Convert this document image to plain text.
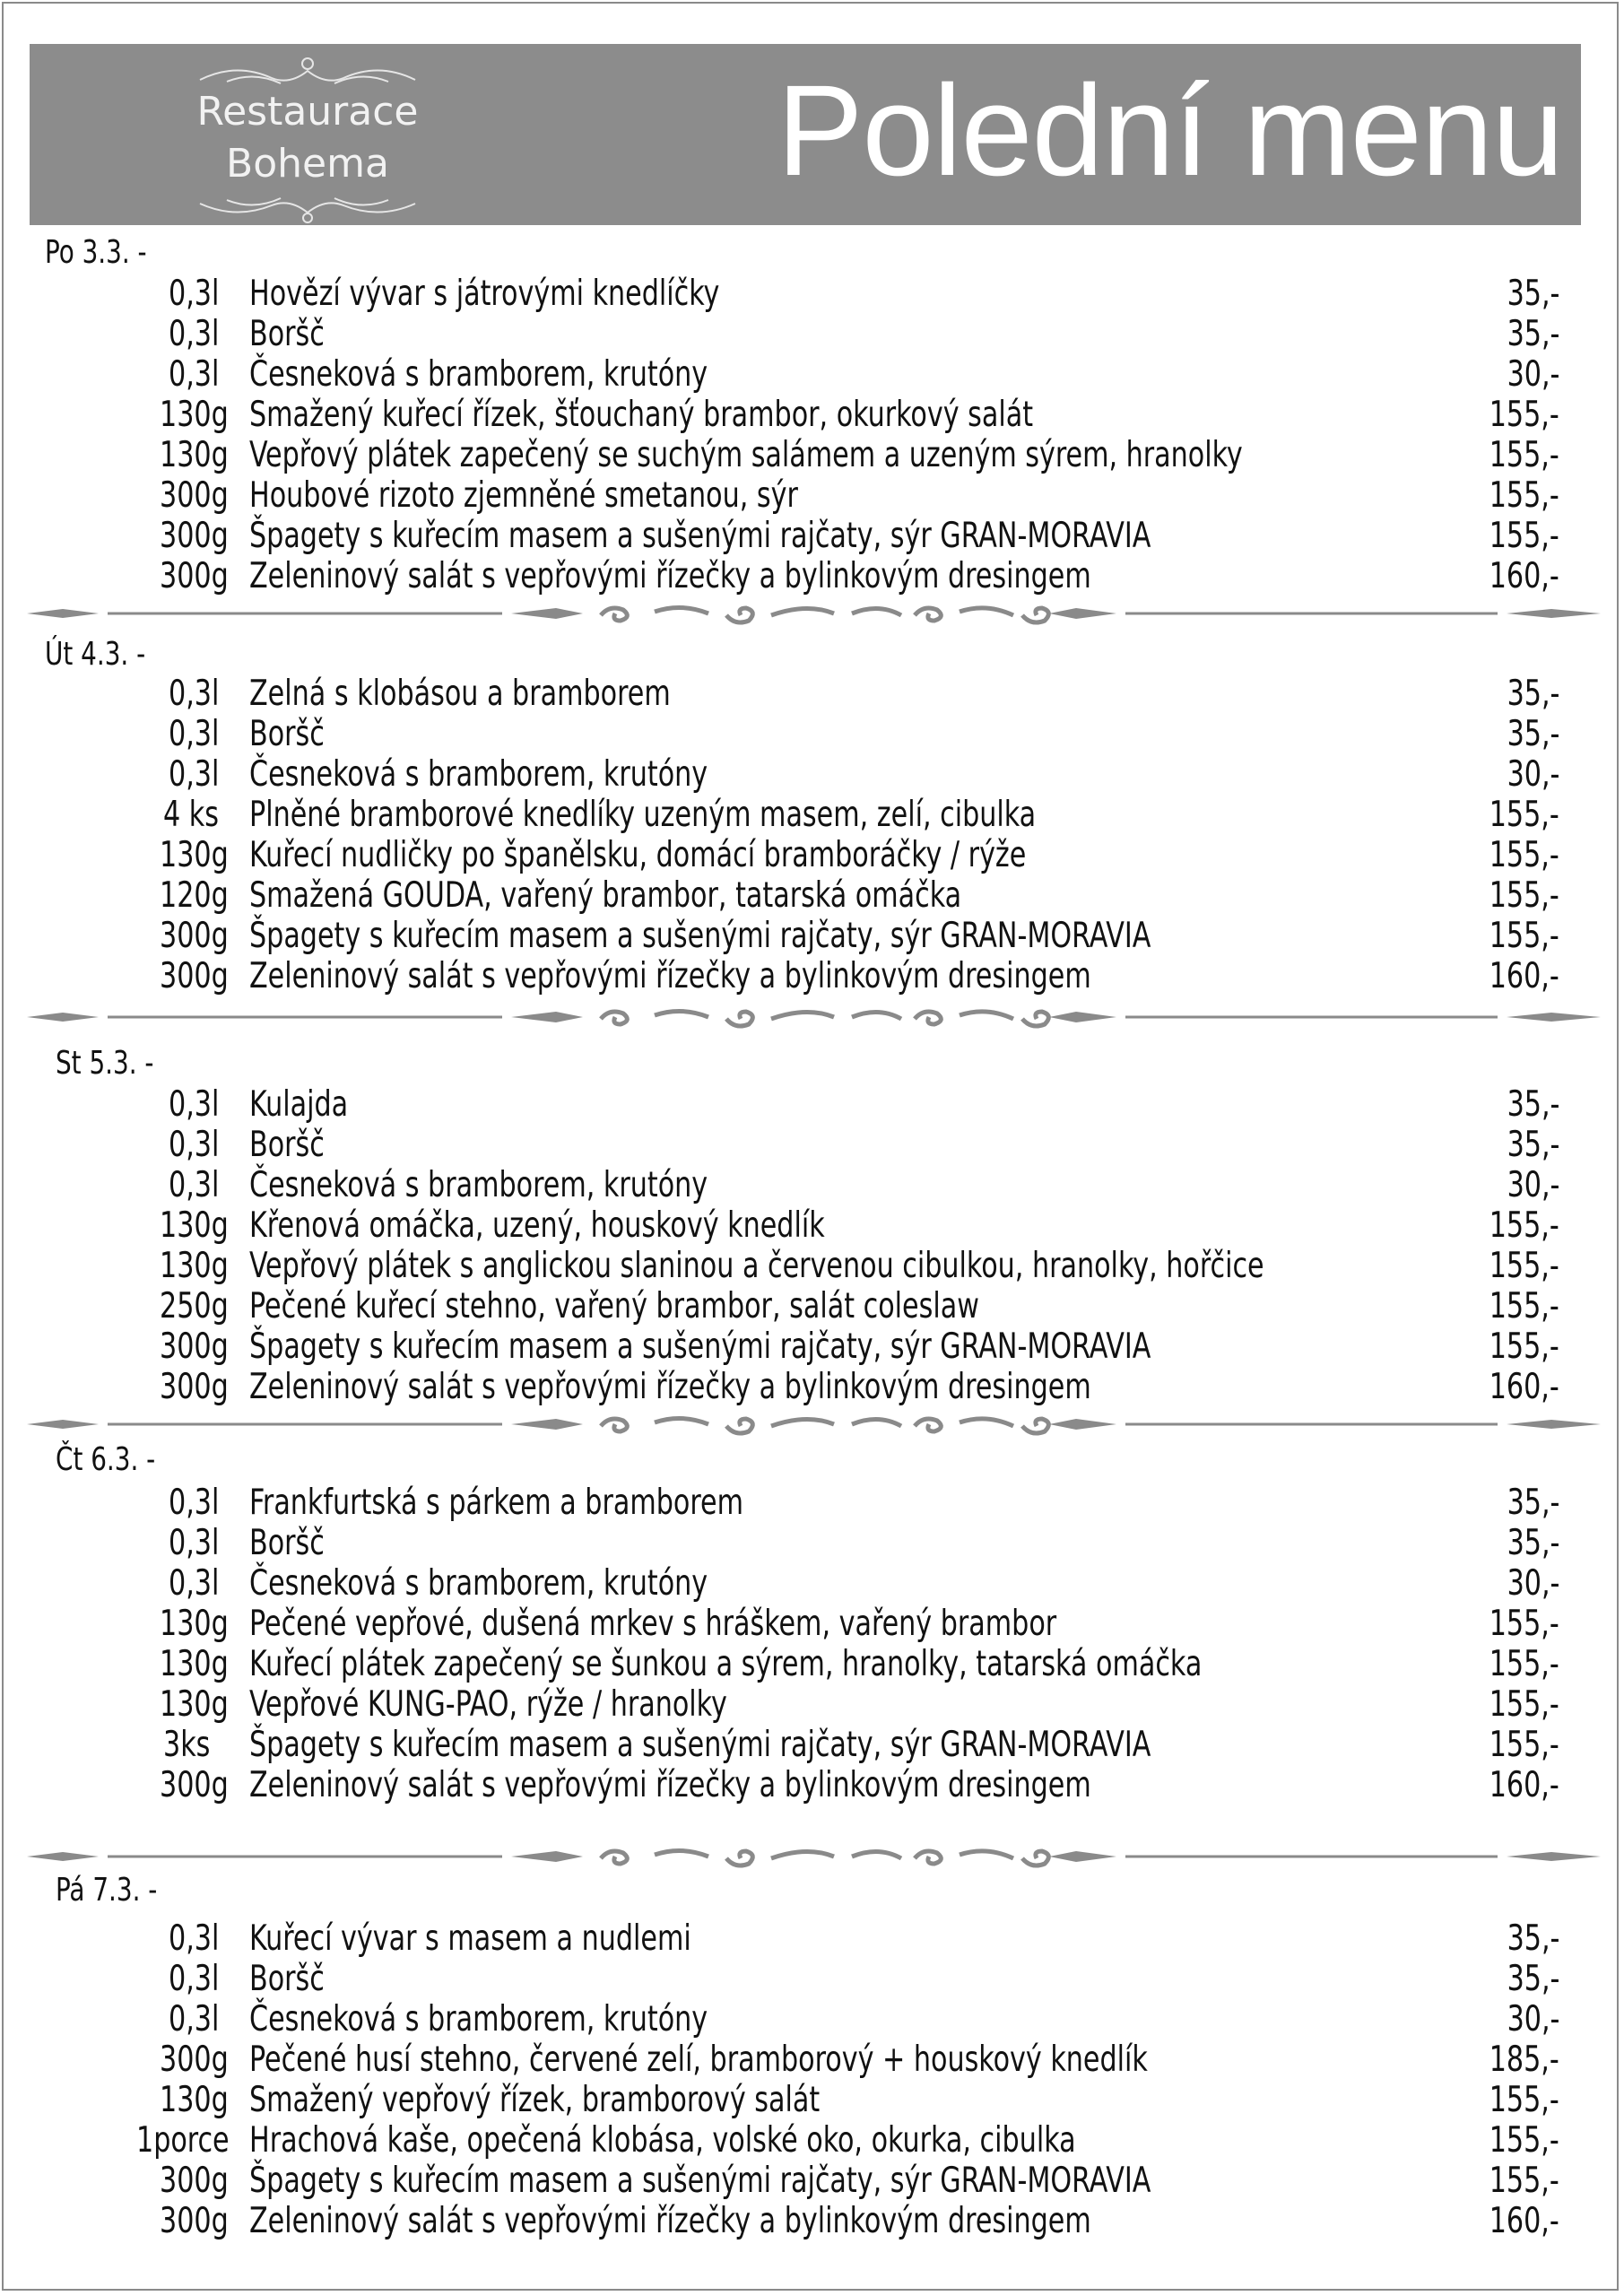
Restaurace
Bohema	Polední menu
Po 3.3. -
0,3l Hovězí vývar s játrovými knedlíčky	35,-
0,3l Boršč	35,-
0,3l Česneková s bramborem, krutóny	30,-
130g Smažený kuřecí řízek, šťouchaný brambor, okurkový salát	155,-
130g Vepřový plátek zapečený se suchým salámem a uzeným sýrem, hranolky	155,-
300g Houbové rizoto zjemněné smetanou, sýr	155,-
300g Špagety s kuřecím masem a sušenými rajčaty, sýr GRAN-MORAVIA	155,-
300g Zeleninový salát s vepřovými řízečky a bylinkovým dresingem	160,-
Út 4.3. -
0,3l Zelná s klobásou a bramborem	35,-
0,3l Boršč	35,-
0,3l Česneková s bramborem, krutóny	30,-
4 ks Plněné bramborové knedlíky uzeným masem, zelí, cibulka	155,-
130g Kuřecí nudličky po španělsku, domácí bramboráčky / rýže	155,-
120g Smažená GOUDA, vařený brambor, tatarská omáčka	155,-
300g Špagety s kuřecím masem a sušenými rajčaty, sýr GRAN-MORAVIA	155,-
300g Zeleninový salát s vepřovými řízečky a bylinkovým dresingem	160,-
St 5.3. -
0,3l Kulajda	35,-
0,3l Boršč	35,-
0,3l Česneková s bramborem, krutóny	30,-
130g Křenová omáčka, uzený, houskový knedlík	155,-
130g Vepřový plátek s anglickou slaninou a červenou cibulkou, hranolky, hořčice	155,-
250g Pečené kuřecí stehno, vařený brambor, salát coleslaw	155,-
300g Špagety s kuřecím masem a sušenými rajčaty, sýr GRAN-MORAVIA	155,-
300g Zeleninový salát s vepřovými řízečky a bylinkovým dresingem	160,-
Čt 6.3. -
0,3l Frankfurtská s párkem a bramborem	35,-
0,3l Boršč	35,-
0,3l Česneková s bramborem, krutóny	30,-
130g Pečené vepřové, dušená mrkev s hráškem, vařený brambor	155,-
130g Kuřecí plátek zapečený se šunkou a sýrem, hranolky, tatarská omáčka	155,-
130g Vepřové KUNG-PAO, rýže / hranolky	155,-
3ks Špagety s kuřecím masem a sušenými rajčaty, sýr GRAN-MORAVIA	155,-
300g Zeleninový salát s vepřovými řízečky a bylinkovým dresingem	160,-
Pá 7.3. -
0,3l Kuřecí vývar s masem a nudlemi	35,-
0,3l Boršč	35,-
0,3l Česneková s bramborem, krutóny	30,-
300g Pečené husí stehno, červené zelí, bramborový + houskový knedlík	185,-
130g Smažený vepřový řízek, bramborový salát	155,-
1porce Hrachová kaše, opečená klobása, volské oko, okurka, cibulka	155,-
300g Špagety s kuřecím masem a sušenými rajčaty, sýr GRAN-MORAVIA	155,-
300g Zeleninový salát s vepřovými řízečky a bylinkovým dresingem	160,-
